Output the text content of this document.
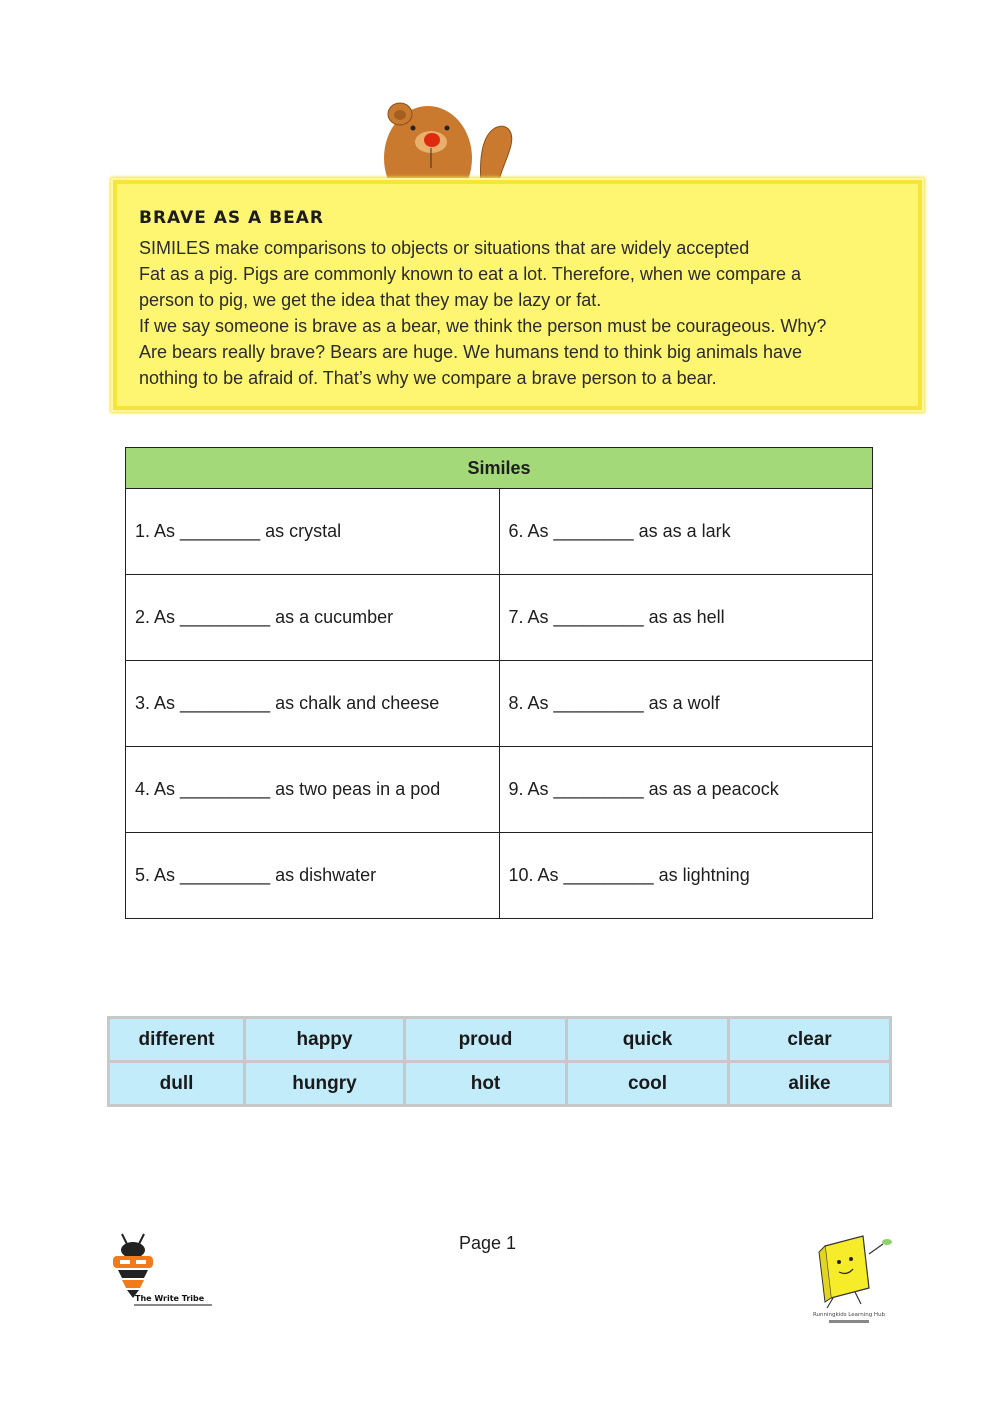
BRAVE AS A BEAR
SIMILES make comparisons to objects or situations that are widely accepted
Fat as a pig. Pigs are commonly known to eat a lot. Therefore, when we compare a
person to pig, we get the idea that they may be lazy or fat.
If we say someone is brave as a bear, we think the person must be courageous. Why?
Are bears really brave? Bears are huge. We humans tend to think big animals have
nothing to be afraid of. That’s why we compare a brave person to a bear.
Similes	
1. As ________ as crystal	6. As ________ as as a lark
2. As _________ as a cucumber	7. As _________ as as hell
3. As _________ as chalk and cheese	8. As _________ as a wolf
4. As _________ as two peas in a pod	9. As _________ as as a peacock
5. As _________ as dishwater	10. As _________ as lightning
different	happy	proud	quick	clear
dull	hungry	hot	cool	alike
Page 1
The Write Tribe
Runningkids Learning Hub
